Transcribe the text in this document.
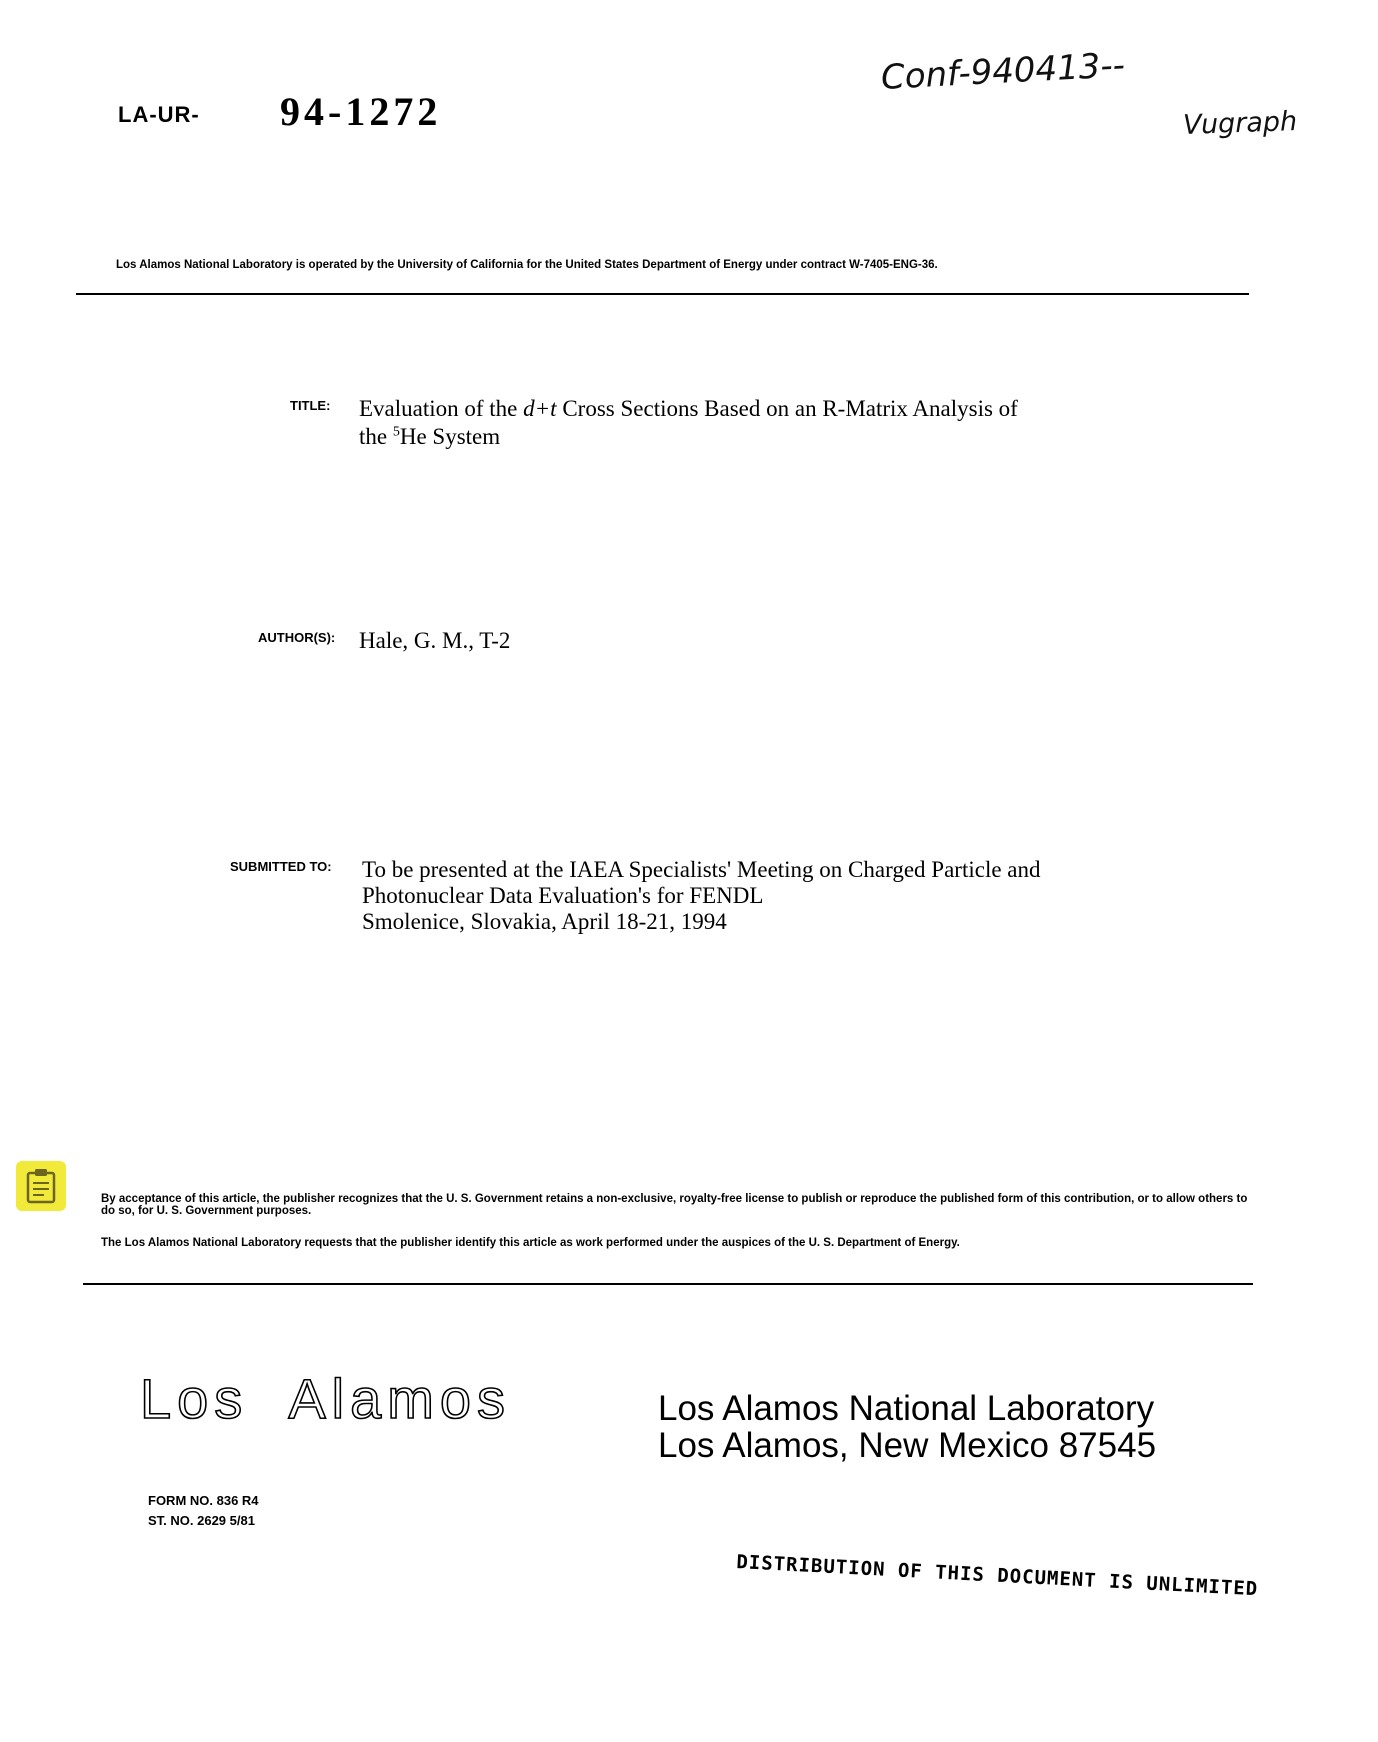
LA-UR- 94-1272
Conf-940413--
Vugraph
Los Alamos National Laboratory is operated by the University of California for the United States Department of Energy under contract W-7405-ENG-36.
TITLE: Evaluation of the d+t Cross Sections Based on an R-Matrix Analysis of
the $^5$He System
AUTHOR(S): Hale, G. M., T-2
SUBMITTED TO: To be presented at the IAEA Specialists' Meeting on Charged Particle and
Photonuclear Data Evaluation's for FENDL
Smolenice, Slovakia, April 18-21, 1994
By acceptance of this article, the publisher recognizes that the U. S. Government retains a non-exclusive, royalty-free license to publish or reproduce the published form of this contribution, or to allow others to do so, for U. S. Government purposes.
The Los Alamos National Laboratory requests that the publisher identify this article as work performed under the auspices of the U. S. Department of Energy.
Los  Alamos	Los Alamos National Laboratory
Los Alamos, New Mexico 87545
FORM NO. 836 R4
ST. NO. 2629 5/81
DISTRIBUTION OF THIS DOCUMENT IS UNLIMITED
